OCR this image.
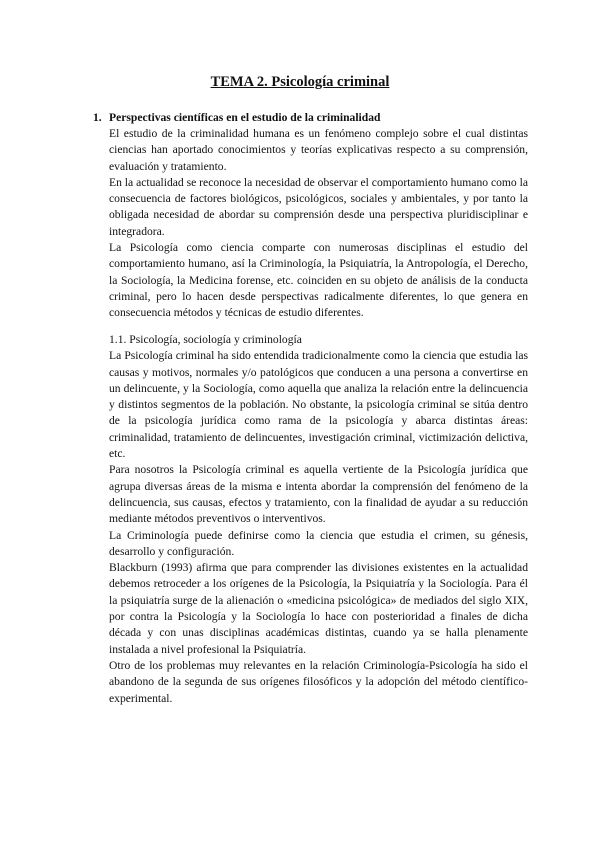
TEMA 2. Psicología criminal
1. Perspectivas científicas en el estudio de la criminalidad

El estudio de la criminalidad humana es un fenómeno complejo sobre el cual distintas ciencias han aportado conocimientos y teorías explicativas respecto a su comprensión, evaluación y tratamiento.

En la actualidad se reconoce la necesidad de observar el comportamiento humano como la consecuencia de factores biológicos, psicológicos, sociales y ambientales, y por tanto la obligada necesidad de abordar su comprensión desde una perspectiva pluridisciplinar e integradora.

La Psicología como ciencia comparte con numerosas disciplinas el estudio del comportamiento humano, así la Criminología, la Psiquiatría, la Antropología, el Derecho, la Sociología, la Medicina forense, etc. coinciden en su objeto de análisis de la conducta criminal, pero lo hacen desde perspectivas radicalmente diferentes, lo que genera en consecuencia métodos y técnicas de estudio diferentes.

1.1. Psicología, sociología y criminología

La Psicología criminal ha sido entendida tradicionalmente como la ciencia que estudia las causas y motivos, normales y/o patológicos que conducen a una persona a convertirse en un delincuente, y la Sociología, como aquella que analiza la relación entre la delincuencia y distintos segmentos de la población. No obstante, la psicología criminal se sitúa dentro de la psicología jurídica como rama de la psicología y abarca distintas áreas: criminalidad, tratamiento de delincuentes, investigación criminal, victimización delictiva, etc.

Para nosotros la Psicología criminal es aquella vertiente de la Psicología jurídica que agrupa diversas áreas de la misma e intenta abordar la comprensión del fenómeno de la delincuencia, sus causas, efectos y tratamiento, con la finalidad de ayudar a su reducción mediante métodos preventivos o interventivos.

La Criminología puede definirse como la ciencia que estudia el crimen, su génesis, desarrollo y configuración.

Blackburn (1993) afirma que para comprender las divisiones existentes en la actualidad debemos retroceder a los orígenes de la Psicología, la Psiquiatría y la Sociología. Para él la psiquiatría surge de la alienación o «medicina psicológica» de mediados del siglo XIX, por contra la Psicología y la Sociología lo hace con posterioridad a finales de dicha década y con unas disciplinas académicas distintas, cuando ya se halla plenamente instalada a nivel profesional la Psiquiatría.

Otro de los problemas muy relevantes en la relación Criminología-Psicología ha sido el abandono de la segunda de sus orígenes filosóficos y la adopción del método científico-experimental.
